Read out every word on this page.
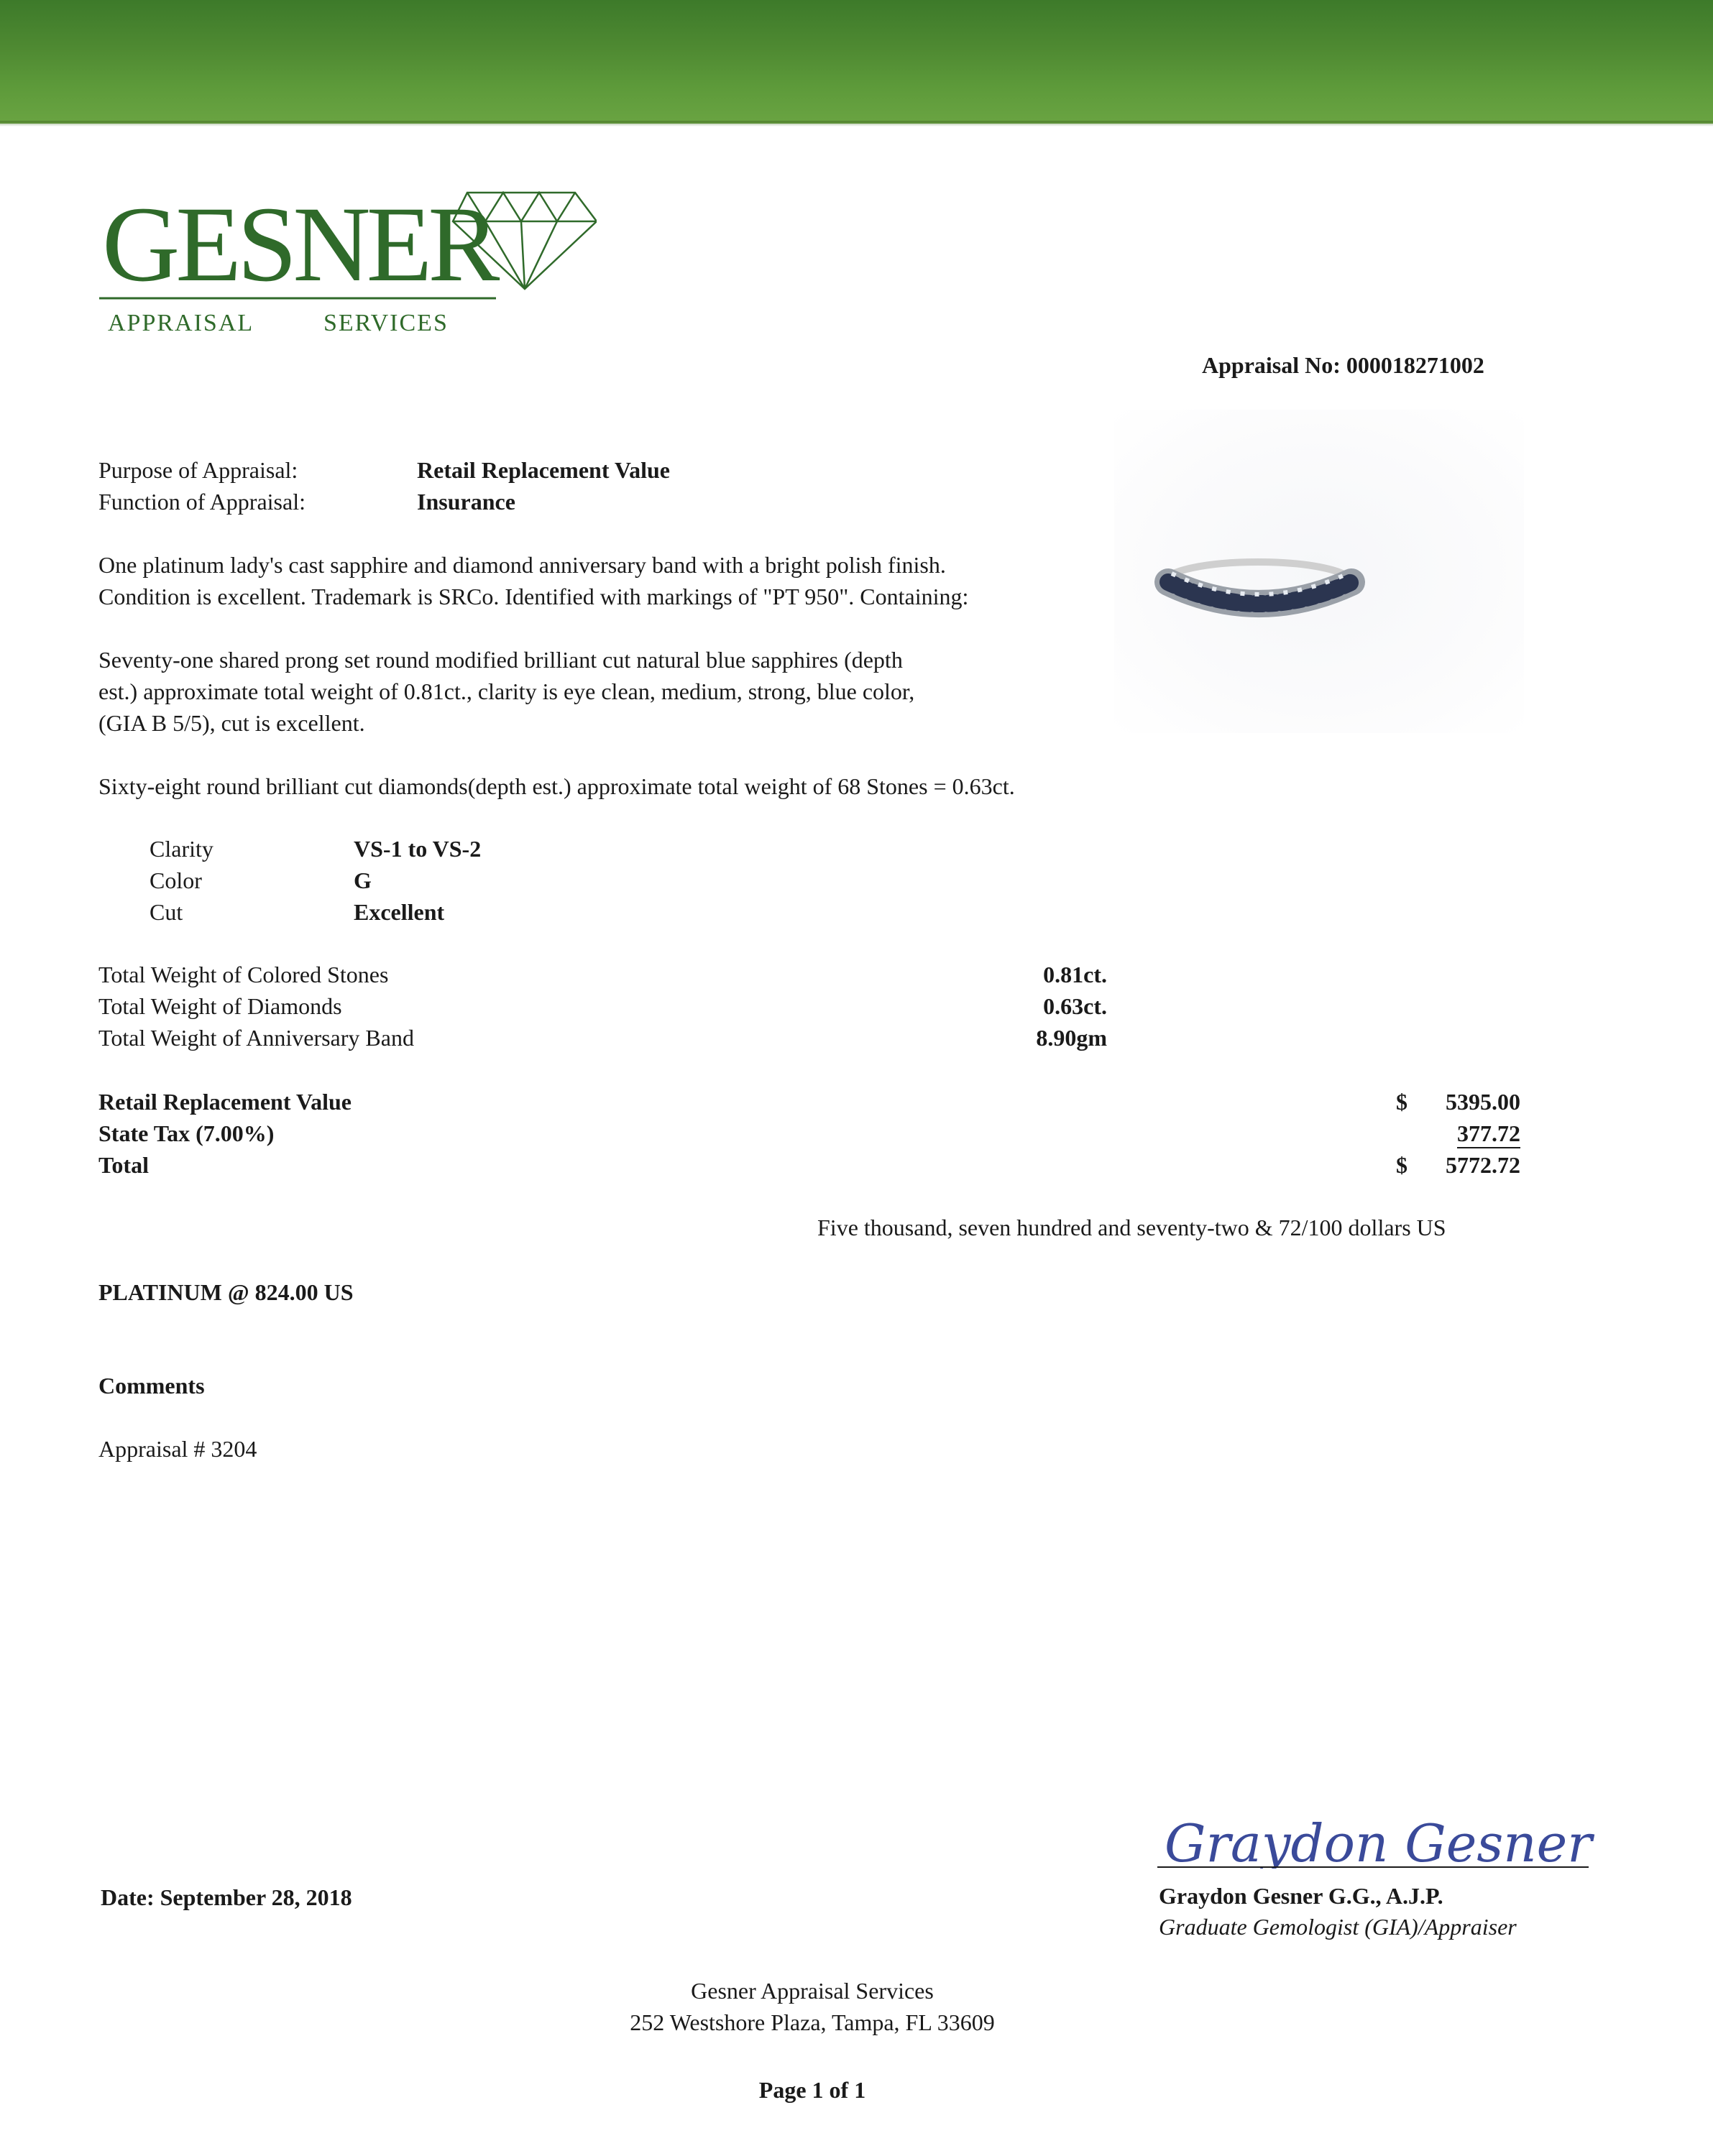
GESNER
APPRAISAL	SERVICES
Appraisal No: 000018271002
Purpose of Appraisal:	Retail Replacement Value
Function of Appraisal:	Insurance
One platinum lady's cast sapphire and diamond anniversary band with a bright polish finish.
Condition is excellent. Trademark is SRCo. Identified with markings of "PT 950". Containing:
Seventy-one shared prong set round modified brilliant cut natural blue sapphires (depth
est.) approximate total weight of 0.81ct., clarity is eye clean, medium, strong, blue color,
(GIA B 5/5), cut is excellent.
Sixty-eight round brilliant cut diamonds(depth est.) approximate total weight of 68 Stones = 0.63ct.
Clarity	VS-1 to VS-2
Color	G
Cut	Excellent
Total Weight of Colored Stones	0.81ct.
Total Weight of Diamonds	0.63ct.
Total Weight of Anniversary Band	8.90gm
Retail Replacement Value	$	5395.00
State Tax (7.00%)	377.72
Total	$	5772.72
Five thousand, seven hundred and seventy-two & 72/100 dollars US
PLATINUM @ 824.00 US
Comments
Appraisal # 3204
Date: September 28, 2018
Graydon Gesner
Graydon Gesner G.G., A.J.P.
Graduate Gemologist (GIA)/Appraiser
Gesner Appraisal Services
252 Westshore Plaza, Tampa, FL 33609
Page 1 of 1
